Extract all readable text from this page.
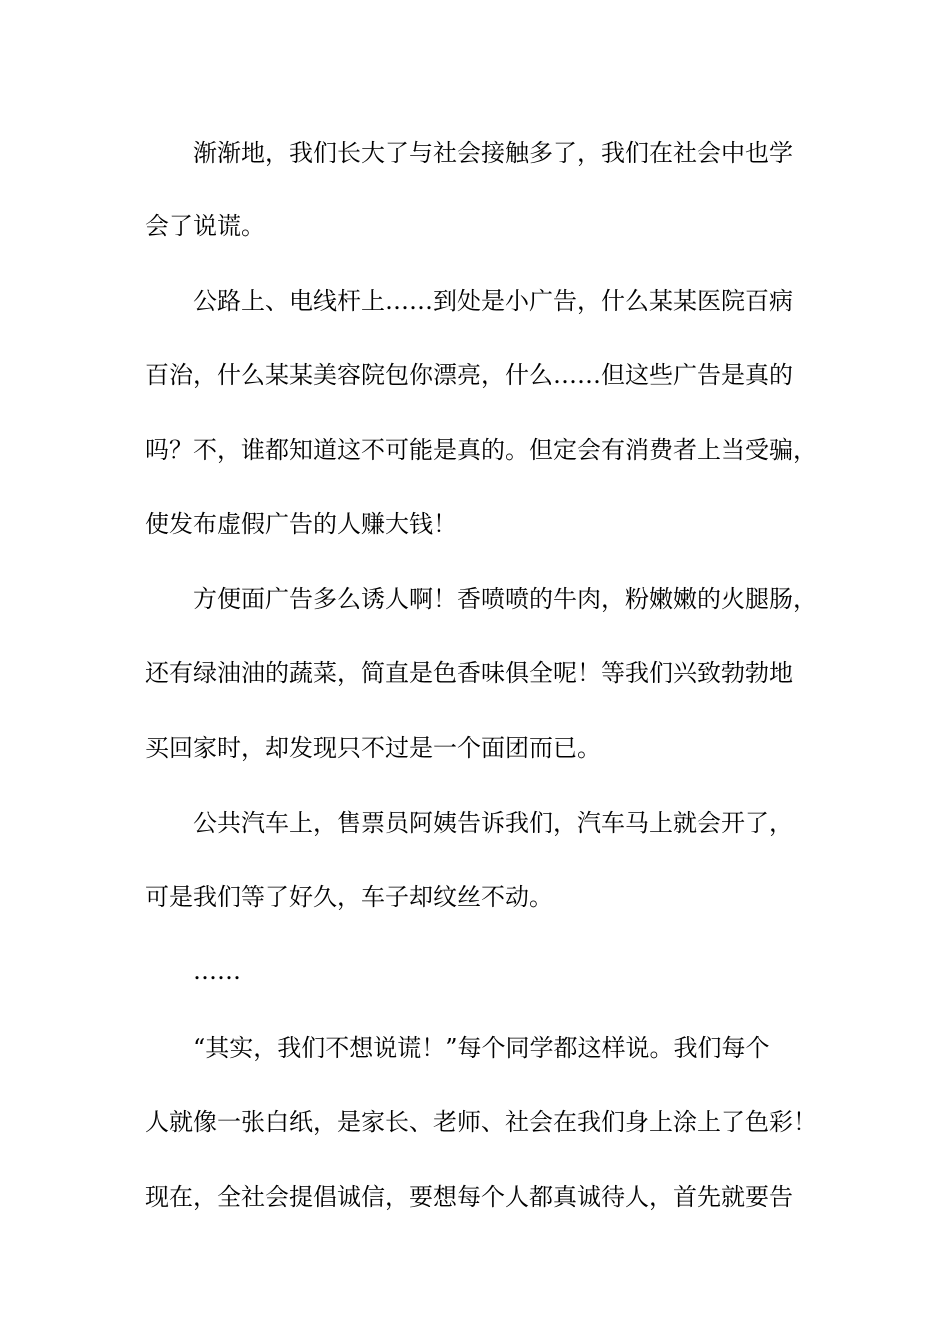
渐渐地，我们长大了与社会接触多了，我们在社会中也学
会了说谎。
公路上、电线杆上……到处是小广告，什么某某医院百病
百治，什么某某美容院包你漂亮，什么……但这些广告是真的
吗？不，谁都知道这不可能是真的。但定会有消费者上当受骗，
使发布虚假广告的人赚大钱！
方便面广告多么诱人啊！香喷喷的牛肉，粉嫩嫩的火腿肠，
还有绿油油的蔬菜，简直是色香味俱全呢！等我们兴致勃勃地
买回家时，却发现只不过是一个面团而已。
公共汽车上，售票员阿姨告诉我们，汽车马上就会开了，
可是我们等了好久，车子却纹丝不动。
……
“其实，我们不想说谎！”每个同学都这样说。我们每个
人就像一张白纸，是家长、老师、社会在我们身上涂上了色彩！
现在，全社会提倡诚信，要想每个人都真诚待人，首先就要告
